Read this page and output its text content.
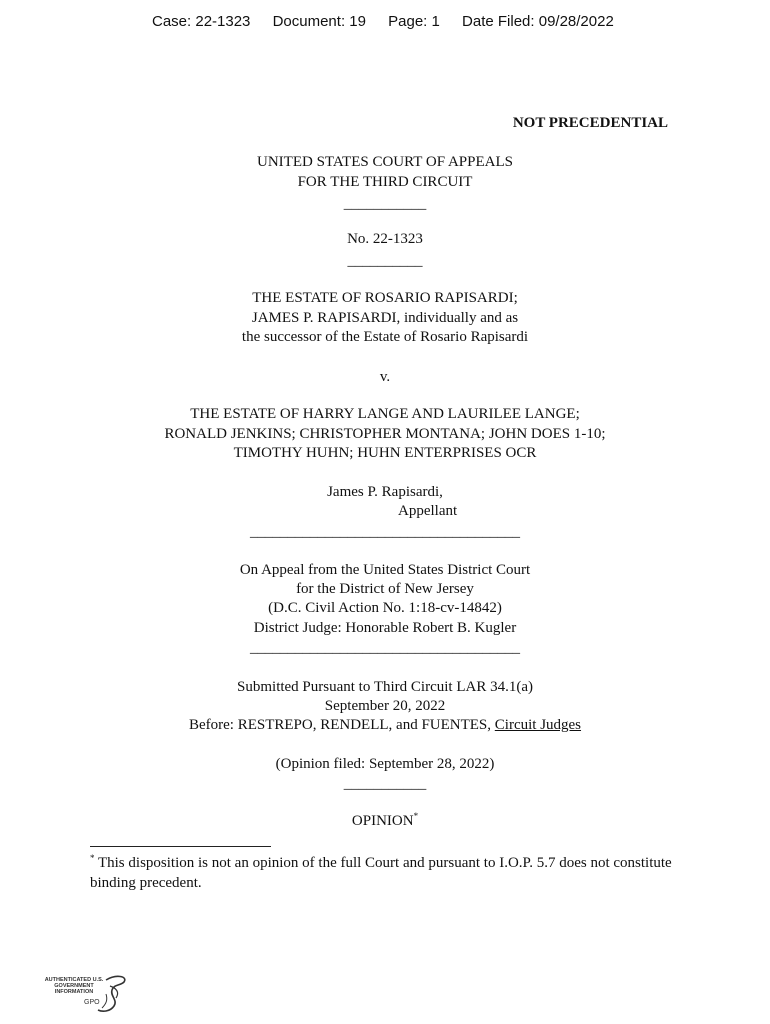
Case: 22-1323 Document: 19 Page: 1 Date Filed: 09/28/2022
NOT PRECEDENTIAL
UNITED STATES COURT OF APPEALS
FOR THE THIRD CIRCUIT
___________
No. 22-1323
__________
THE ESTATE OF ROSARIO RAPISARDI;
JAMES P. RAPISARDI, individually and as
the successor of the Estate of Rosario Rapisardi
v.
THE ESTATE OF HARRY LANGE AND LAURILEE LANGE;
RONALD JENKINS; CHRISTOPHER MONTANA; JOHN DOES 1-10;
TIMOTHY HUHN; HUHN ENTERPRISES OCR
James P. Rapisardi,
Appellant
____________________________________
On Appeal from the United States District Court
for the District of New Jersey
(D.C. Civil Action No. 1:18-cv-14842)
District Judge: Honorable Robert B. Kugler
____________________________________
Submitted Pursuant to Third Circuit LAR 34.1(a)
September 20, 2022
Before: RESTREPO, RENDELL, and FUENTES, Circuit Judges
(Opinion filed: September 28, 2022)
___________
OPINION*
* This disposition is not an opinion of the full Court and pursuant to I.O.P. 5.7 does not constitute binding precedent.
AUTHENTICATED U.S. GOVERNMENT INFORMATION
GPO
